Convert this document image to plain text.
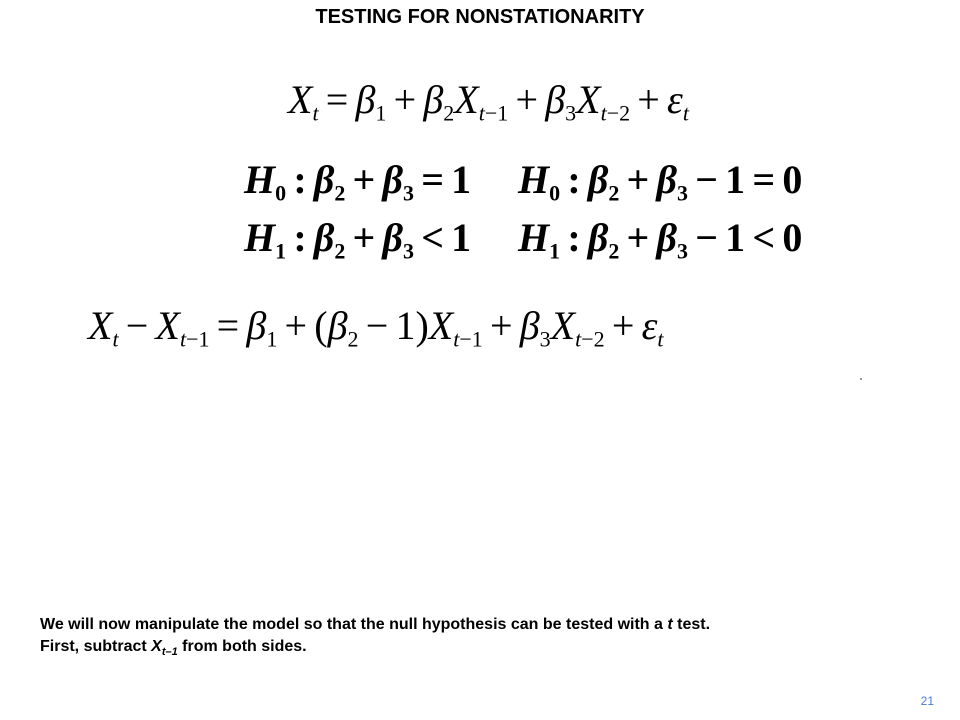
TESTING FOR NONSTATIONARITY
$X_t = \beta_1 + \beta_2X_{t-1} + \beta_3X_{t-2} + \varepsilon_t$
$H_0$ : $\beta_2 + \beta_3 = 1$ $H_0$ : $\beta_2 + \beta_3 - 1 = 0$
$H_1$ : $\beta_2 + \beta_3 < 1$ $H_1$ : $\beta_2 + \beta_3 - 1 < 0$
$X_t - X_{t-1} = \beta_1 + (\beta_2 - 1)X_{t-1} + \beta_3X_{t-2} + \varepsilon_t$
We will now manipulate the model so that the null hypothesis can be tested with a t test.
First, subtract $X_{t-1}$ from both sides.
21
